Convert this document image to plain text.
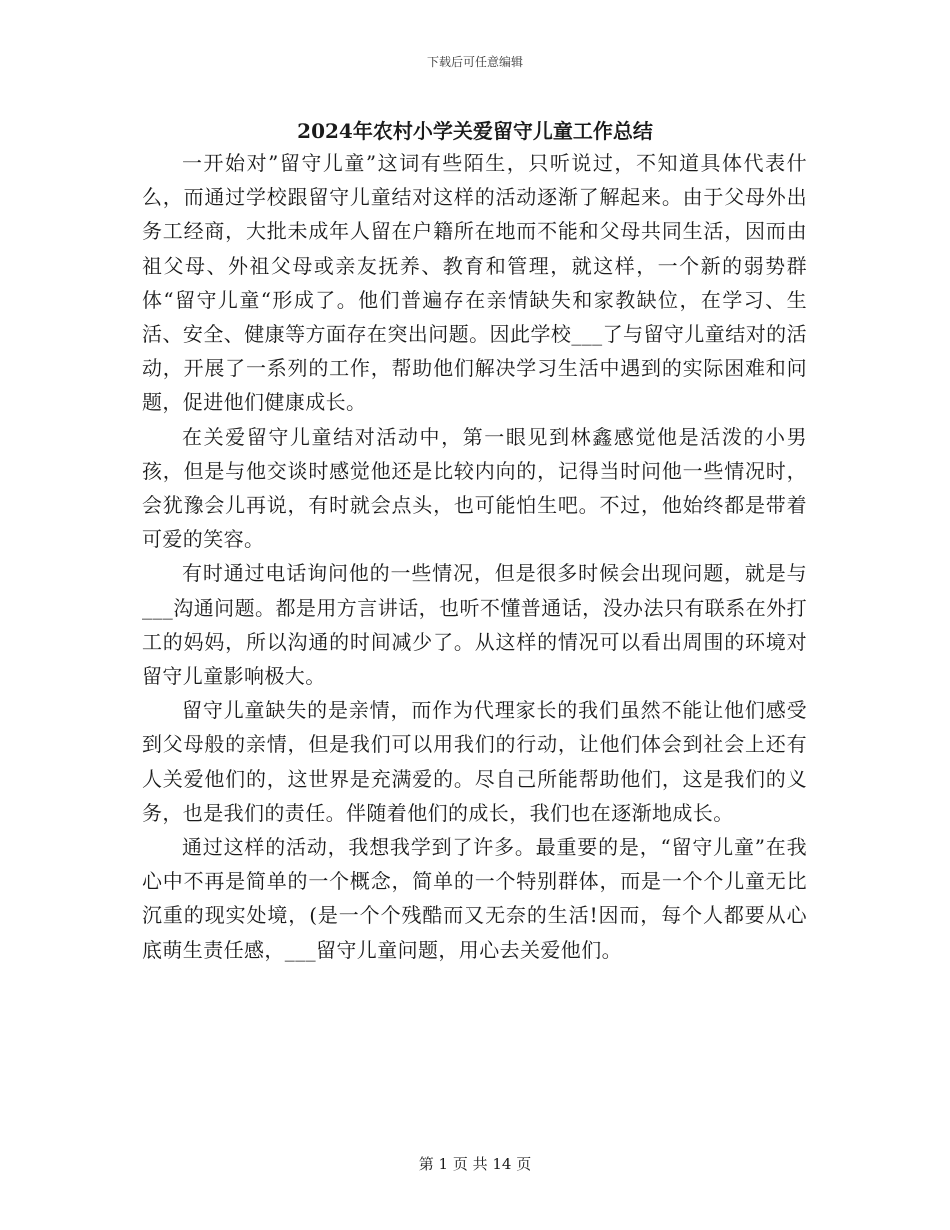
下载后可任意编辑
2024年农村小学关爱留守儿童工作总结

一开始对”留守儿童”这词有些陌生，只听说过，不知道具体代表什么，而通过学校跟留守儿童结对这样的活动逐渐了解起来。由于父母外出务工经商，大批未成年人留在户籍所在地而不能和父母共同生活，因而由祖父母、外祖父母或亲友抚养、教育和管理，就这样，一个新的弱势群体“留守儿童“形成了。他们普遍存在亲情缺失和家教缺位，在学习、生活、安全、健康等方面存在突出问题。因此学校___了与留守儿童结对的活动，开展了一系列的工作，帮助他们解决学习生活中遇到的实际困难和问题，促进他们健康成长。

在关爱留守儿童结对活动中，第一眼见到林鑫感觉他是活泼的小男孩，但是与他交谈时感觉他还是比较内向的，记得当时问他一些情况时，会犹豫会儿再说，有时就会点头，也可能怕生吧。不过，他始终都是带着可爱的笑容。

有时通过电话询问他的一些情况，但是很多时候会出现问题，就是与___沟通问题。都是用方言讲话，也听不懂普通话，没办法只有联系在外打工的妈妈，所以沟通的时间减少了。从这样的情况可以看出周围的环境对留守儿童影响极大。

留守儿童缺失的是亲情，而作为代理家长的我们虽然不能让他们感受到父母般的亲情，但是我们可以用我们的行动，让他们体会到社会上还有人关爱他们的，这世界是充满爱的。尽自己所能帮助他们，这是我们的义务，也是我们的责任。伴随着他们的成长，我们也在逐渐地成长。

通过这样的活动，我想我学到了许多。最重要的是，“留守儿童”在我心中不再是简单的一个概念，简单的一个特别群体，而是一个个儿童无比沉重的现实处境，(是一个个残酷而又无奈的生活!因而，每个人都要从心底萌生责任感，___留守儿童问题，用心去关爱他们。

第 1 页 共 14 页
